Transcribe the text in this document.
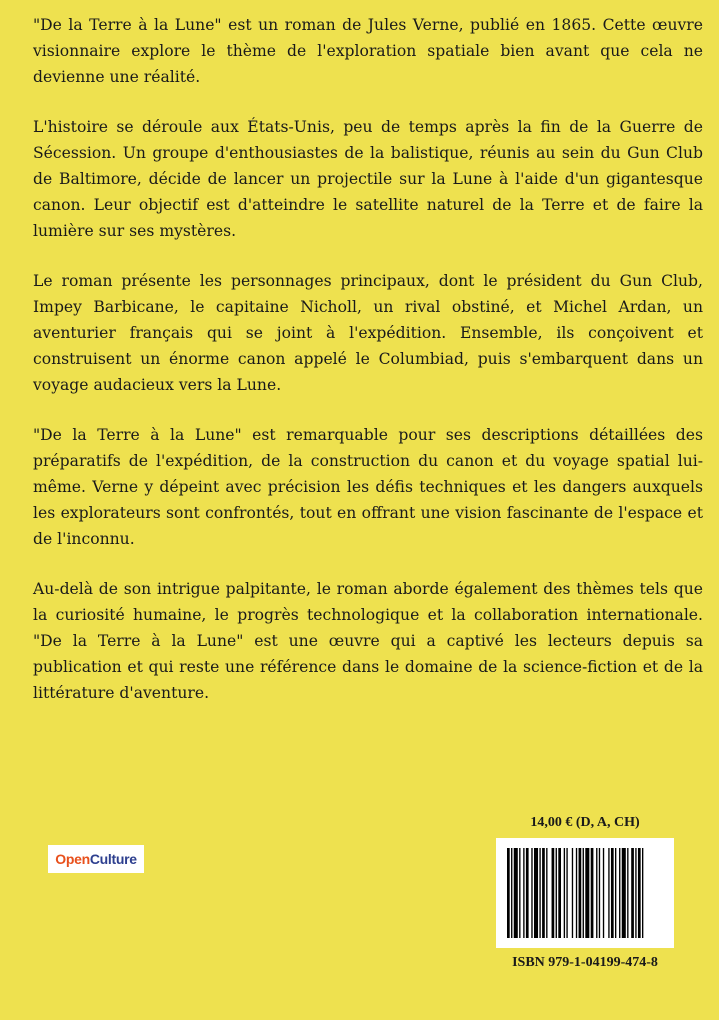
"De la Terre à la Lune" est un roman de Jules Verne, publié en 1865. Cette œuvre visionnaire explore le thème de l'exploration spatiale bien avant que cela ne devienne une réalité.

L'histoire se déroule aux États-Unis, peu de temps après la fin de la Guerre de Sécession. Un groupe d'enthousiastes de la balistique, réunis au sein du Gun Club de Baltimore, décide de lancer un projectile sur la Lune à l'aide d'un gigantesque canon. Leur objectif est d'atteindre le satellite naturel de la Terre et de faire la lumière sur ses mystères.

Le roman présente les personnages principaux, dont le président du Gun Club, Impey Barbicane, le capitaine Nicholl, un rival obstiné, et Michel Ardan, un aventurier français qui se joint à l'expédition. Ensemble, ils conçoivent et construisent un énorme canon appelé le Columbiad, puis s'embarquent dans un voyage audacieux vers la Lune.

"De la Terre à la Lune" est remarquable pour ses descriptions détaillées des préparatifs de l'expédition, de la construction du canon et du voyage spatial lui-même. Verne y dépeint avec précision les défis techniques et les dangers auxquels les explorateurs sont confrontés, tout en offrant une vision fascinante de l'espace et de l'inconnu.

Au-delà de son intrigue palpitante, le roman aborde également des thèmes tels que la curiosité humaine, le progrès technologique et la collaboration internationale. "De la Terre à la Lune" est une œuvre qui a captivé les lecteurs depuis sa publication et qui reste une référence dans le domaine de la science-fiction et de la littérature d'aventure.

Open Culture
14,00 € (D, A, CH)
ISBN 979-1-04199-474-8
